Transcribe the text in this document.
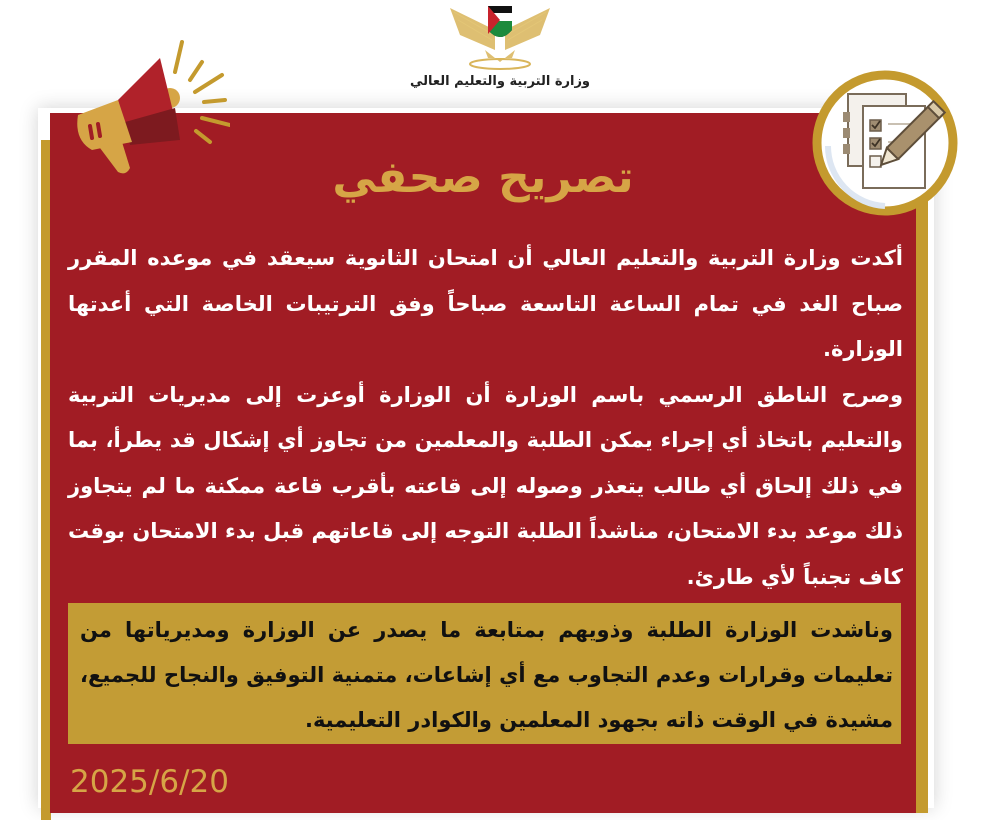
وزارة التربية والتعليم العالي
تصريح صحفي

أكدت وزارة التربية والتعليم العالي أن امتحان الثانوية سيعقد في موعده المقرر صباح الغد في تمام الساعة التاسعة صباحاً وفق الترتيبات الخاصة التي أعدتها الوزارة.

وصرح الناطق الرسمي باسم الوزارة أن الوزارة أوعزت إلى مديريات التربية والتعليم باتخاذ أي إجراء يمكن الطلبة والمعلمين من تجاوز أي إشكال قد يطرأ، بما في ذلك إلحاق أي طالب يتعذر وصوله إلى قاعته بأقرب قاعة ممكنة ما لم يتجاوز ذلك موعد بدء الامتحان، مناشداً الطلبة التوجه إلى قاعاتهم قبل بدء الامتحان بوقت كاف تجنباً لأي طارئ.

وناشدت الوزارة الطلبة وذويهم بمتابعة ما يصدر عن الوزارة ومديرياتها من تعليمات وقرارات وعدم التجاوب مع أي إشاعات، متمنية التوفيق والنجاح للجميع، مشيدة في الوقت ذاته بجهود المعلمين والكوادر التعليمية.
2025/6/20
